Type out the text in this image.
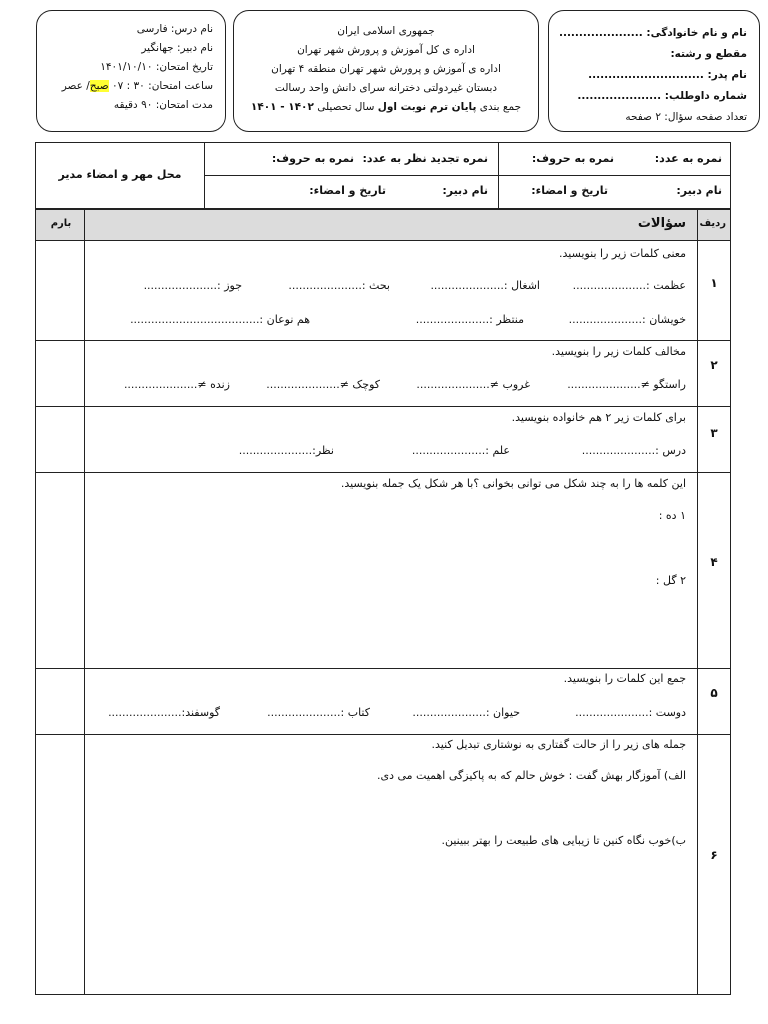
نام و نام خانوادگی: .....................
مقطع و رشته:
نام پدر: .............................
شماره داوطلب: .....................
تعداد صفحه سؤال: ۲ صفحه
جمهوری اسلامی ایران
اداره ی کل آموزش و پرورش شهر تهران
اداره ی آموزش و پرورش شهر تهران منطقه ۴ تهران
دبستان غیردولتی دخترانه سرای دانش واحد رسالت
جمع بندی پایان ترم نوبت اول سال تحصیلی ۱۴۰۲ - ۱۴۰۱
نام درس: فارسی
نام دبیر: جهانگیر
تاریخ امتحان: ۱۴۰۱/۱۰/۱۰
ساعت امتحان: ۳۰ : ۰۷ صبح/ عصر
مدت امتحان: ۹۰ دقیقه
نمره به عدد:
نمره به حروف:
نام دبیر:
تاریخ و امضاء:
نمره تجدید نظر به عدد:
نمره به حروف:
نام دبیر:
تاریخ و امضاء:
محل مهر و امضاء مدیر
ردیف
سؤالات
بارم
۱
معنی کلمات زیر را بنویسید.
عظمت :.....................
اشغال :.....................
بحث :.....................
جوز :.....................
خویشان :.....................
منتظر :.....................
هم نوعان :.....................................
۲
مخالف کلمات زیر را بنویسید.
راستگو ≠.....................
غروب ≠.....................
کوچک ≠.....................
زنده ≠.....................
۳
برای کلمات زیر ۲ هم خانواده بنویسید.
درس :.....................
علم :.....................
نظر:.....................
۴
این کلمه ها را به چند شکل می توانی بخوانی ؟با هر شکل یک جمله بنویسید.
۱ ده :
۲ گل :
۵
جمع این کلمات را بنویسید.
دوست :.....................
حیوان :.....................
کتاب :.....................
گوسفند:.....................
۶
جمله های زیر را از حالت گفتاری به نوشتاری تبدیل کنید.
الف) آموزگار بهش گفت : خوش حالم که به پاکیزگی اهمیت می دی.
ب)خوب نگاه کنین تا زیبایی های طبیعت را بهتر ببینین.
